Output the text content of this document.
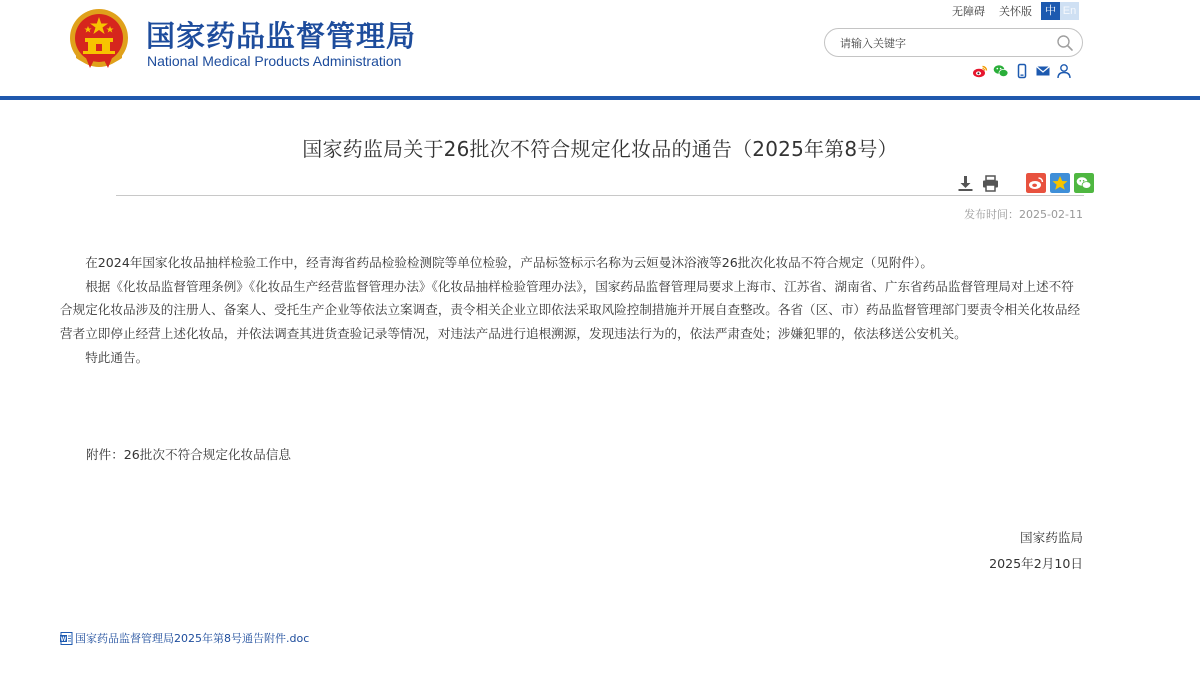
国家药品监督管理局
National Medical Products Administration
无障碍 关怀版	中 En
请输入关键字
国家药监局关于26批次不符合规定化妆品的通告（2025年第8号）
发布时间：2025-02-11

在2024年国家化妆品抽样检验工作中，经青海省药品检验检测院等单位检验，产品标签标示名称为云姮曼沐浴液等26批次化妆品不符合规定（见附件）。

根据《化妆品监督管理条例》《化妆品生产经营监督管理办法》《化妆品抽样检验管理办法》，国家药品监督管理局要求上海市、江苏省、湖南省、广东省药品监督管理局对上述不符合规定化妆品涉及的注册人、备案人、受托生产企业等依法立案调查，责令相关企业立即依法采取风险控制措施并开展自查整改。各省（区、市）药品监督管理部门要责令相关化妆品经营者立即停止经营上述化妆品，并依法调查其进货查验记录等情况，对违法产品进行追根溯源，发现违法行为的，依法严肃查处；涉嫌犯罪的，依法移送公安机关。

特此通告。

附件：26批次不符合规定化妆品信息
国家药监局
2025年2月10日
W 国家药品监督管理局2025年第8号通告附件.doc
